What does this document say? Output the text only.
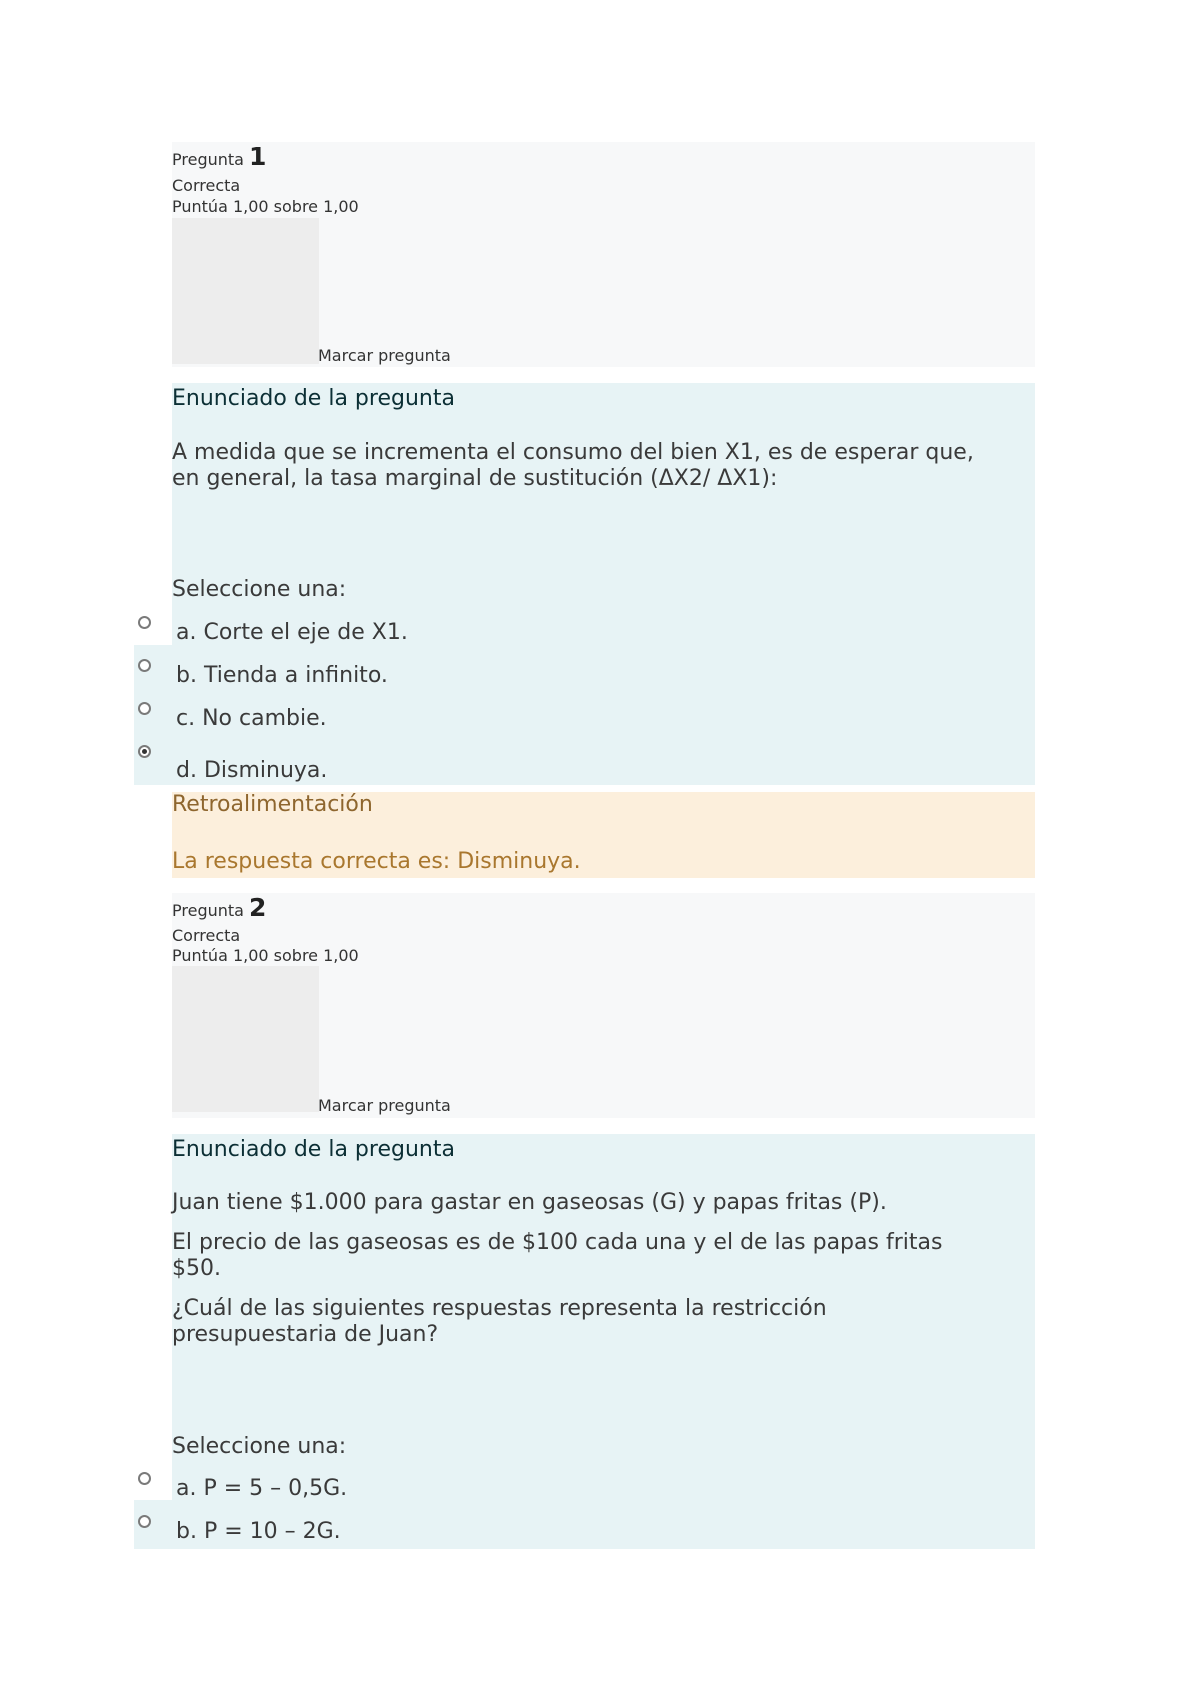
Pregunta 1
Correcta
Puntúa 1,00 sobre 1,00
Marcar pregunta
Enunciado de la pregunta
A medida que se incrementa el consumo del bien X1, es de esperar que,
en general, la tasa marginal de sustitución (ΔX2/ ΔX1):
Seleccione una:
a. Corte el eje de X1.
b. Tienda a infinito.
c. No cambie.
d. Disminuya.
Retroalimentación
La respuesta correcta es: Disminuya.
Pregunta 2
Correcta
Puntúa 1,00 sobre 1,00
Marcar pregunta
Enunciado de la pregunta
Juan tiene $1.000 para gastar en gaseosas (G) y papas fritas (P).
El precio de las gaseosas es de $100 cada una y el de las papas fritas
$50.
¿Cuál de las siguientes respuestas representa la restricción
presupuestaria de Juan?
Seleccione una:
a. P = 5 – 0,5G.
b. P = 10 – 2G.
